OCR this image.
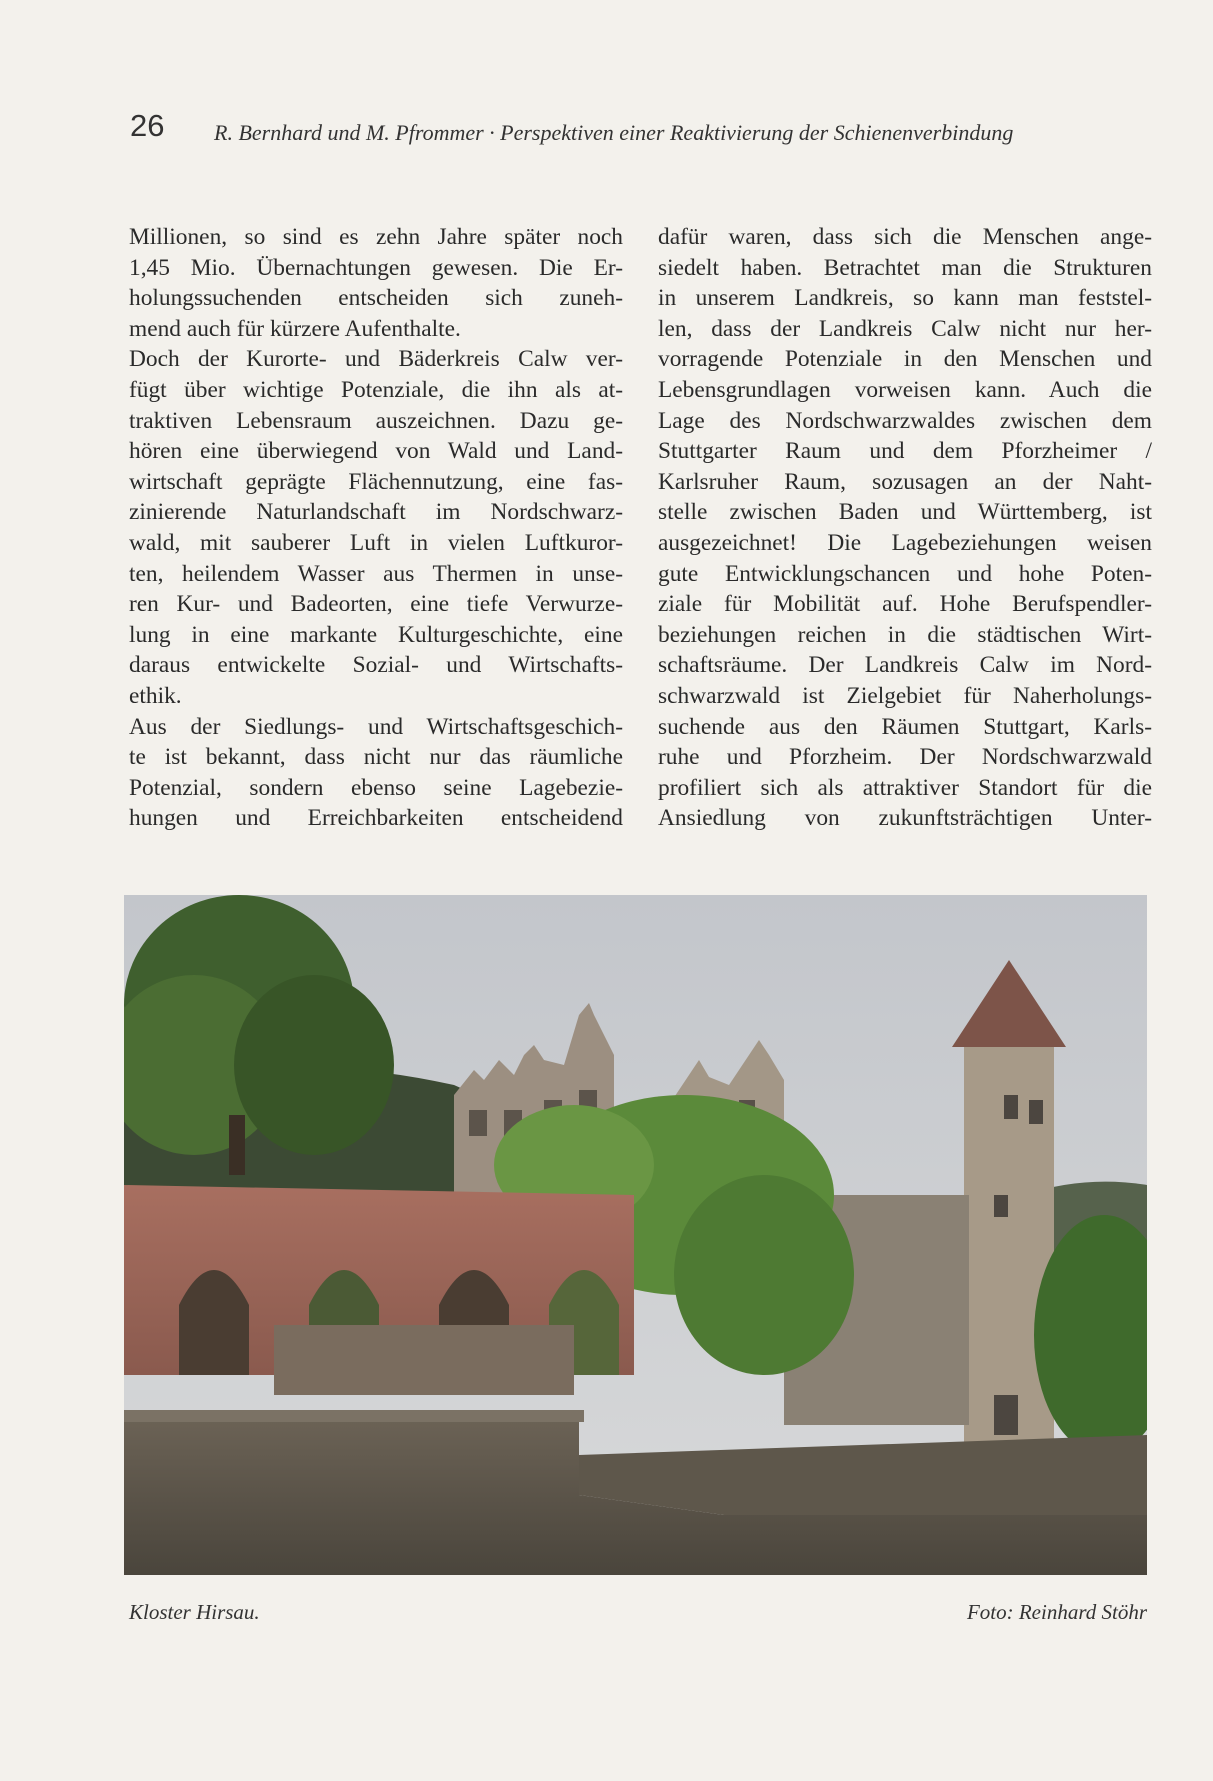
26 R. Bernhard und M. Pfrommer · Perspektiven einer Reaktivierung der Schienenverbindung
Millionen, so sind es zehn Jahre später noch
1,45 Mio. Übernachtungen gewesen. Die Er-
holungssuchenden entscheiden sich zuneh-
mend auch für kürzere Aufenthalte.
Doch der Kurorte- und Bäderkreis Calw ver-
fügt über wichtige Potenziale, die ihn als at-
traktiven Lebensraum auszeichnen. Dazu ge-
hören eine überwiegend von Wald und Land-
wirtschaft geprägte Flächennutzung, eine fas-
zinierende Naturlandschaft im Nordschwarz-
wald, mit sauberer Luft in vielen Luftkuror-
ten, heilendem Wasser aus Thermen in unse-
ren Kur- und Badeorten, eine tiefe Verwurze-
lung in eine markante Kulturgeschichte, eine
daraus entwickelte Sozial- und Wirtschafts-
ethik.
Aus der Siedlungs- und Wirtschaftsgeschich-
te ist bekannt, dass nicht nur das räumliche
Potenzial, sondern ebenso seine Lagebezie-
hungen und Erreichbarkeiten entscheidend
dafür waren, dass sich die Menschen ange-
siedelt haben. Betrachtet man die Strukturen
in unserem Landkreis, so kann man feststel-
len, dass der Landkreis Calw nicht nur her-
vorragende Potenziale in den Menschen und
Lebensgrundlagen vorweisen kann. Auch die
Lage des Nordschwarzwaldes zwischen dem
Stuttgarter Raum und dem Pforzheimer /
Karlsruher Raum, sozusagen an der Naht-
stelle zwischen Baden und Württemberg, ist
ausgezeichnet! Die Lagebeziehungen weisen
gute Entwicklungschancen und hohe Poten-
ziale für Mobilität auf. Hohe Berufspendler-
beziehungen reichen in die städtischen Wirt-
schaftsräume. Der Landkreis Calw im Nord-
schwarzwald ist Zielgebiet für Naherholungs-
suchende aus den Räumen Stuttgart, Karls-
ruhe und Pforzheim. Der Nordschwarzwald
profiliert sich als attraktiver Standort für die
Ansiedlung von zukunftsträchtigen Unter-
Kloster Hirsau.	Foto: Reinhard Stöhr
